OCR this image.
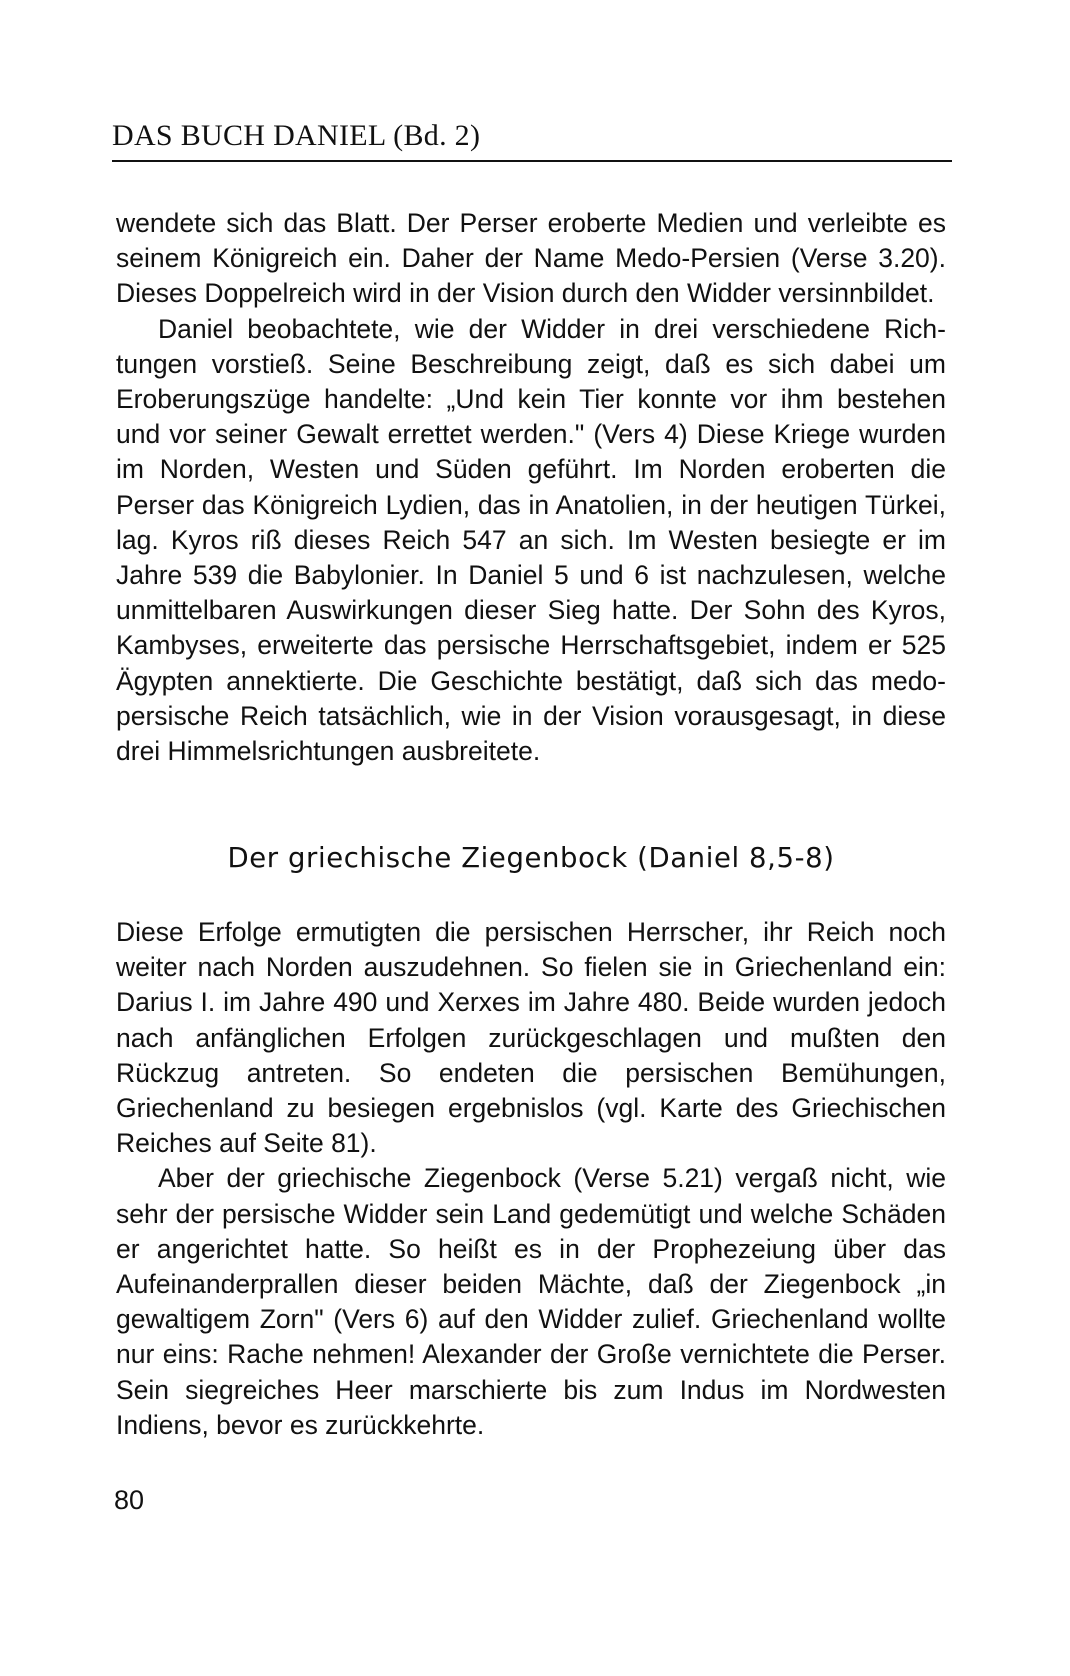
DAS BUCH DANIEL (Bd. 2)

wendete sich das Blatt. Der Perser eroberte Medien und verleibte es seinem Königreich ein. Daher der Name Medo-Persien (Verse 3.20). Dieses Doppelreich wird in der Vision durch den Widder versinnbildet.

Daniel beobachtete, wie der Widder in drei verschiedene Richtungen vorstieß. Seine Beschreibung zeigt, daß es sich dabei um Eroberungszüge handelte: „Und kein Tier konnte vor ihm bestehen und vor seiner Gewalt errettet werden." (Vers 4) Diese Kriege wurden im Norden, Westen und Süden geführt. Im Norden eroberten die Perser das Königreich Lydien, das in Anatolien, in der heutigen Türkei, lag. Kyros riß dieses Reich 547 an sich. Im Westen besiegte er im Jahre 539 die Babylonier. In Daniel 5 und 6 ist nachzulesen, welche unmittelbaren Auswirkungen dieser Sieg hatte. Der Sohn des Kyros, Kambyses, erweiterte das persische Herrschaftsgebiet, indem er 525 Ägypten annektierte. Die Geschichte bestätigt, daß sich das medo-persische Reich tatsächlich, wie in der Vision vorausgesagt, in diese drei Himmelsrichtungen ausbreitete.

Der griechische Ziegenbock (Daniel 8,5-8)

Diese Erfolge ermutigten die persischen Herrscher, ihr Reich noch weiter nach Norden auszudehnen. So fielen sie in Griechenland ein: Darius I. im Jahre 490 und Xerxes im Jahre 480. Beide wurden jedoch nach anfänglichen Erfolgen zurückgeschlagen und mußten den Rückzug antreten. So endeten die persischen Bemühungen, Griechenland zu besiegen ergebnislos (vgl. Karte des Griechischen Reiches auf Seite 81).

Aber der griechische Ziegenbock (Verse 5.21) vergaß nicht, wie sehr der persische Widder sein Land gedemütigt und welche Schäden er angerichtet hatte. So heißt es in der Prophezeiung über das Aufeinanderprallen dieser beiden Mächte, daß der Ziegenbock „in gewaltigem Zorn" (Vers 6) auf den Widder zulief. Griechenland wollte nur eins: Rache nehmen! Alexander der Große vernichtete die Perser. Sein siegreiches Heer marschierte bis zum Indus im Nordwesten Indiens, bevor es zurückkehrte.

80
